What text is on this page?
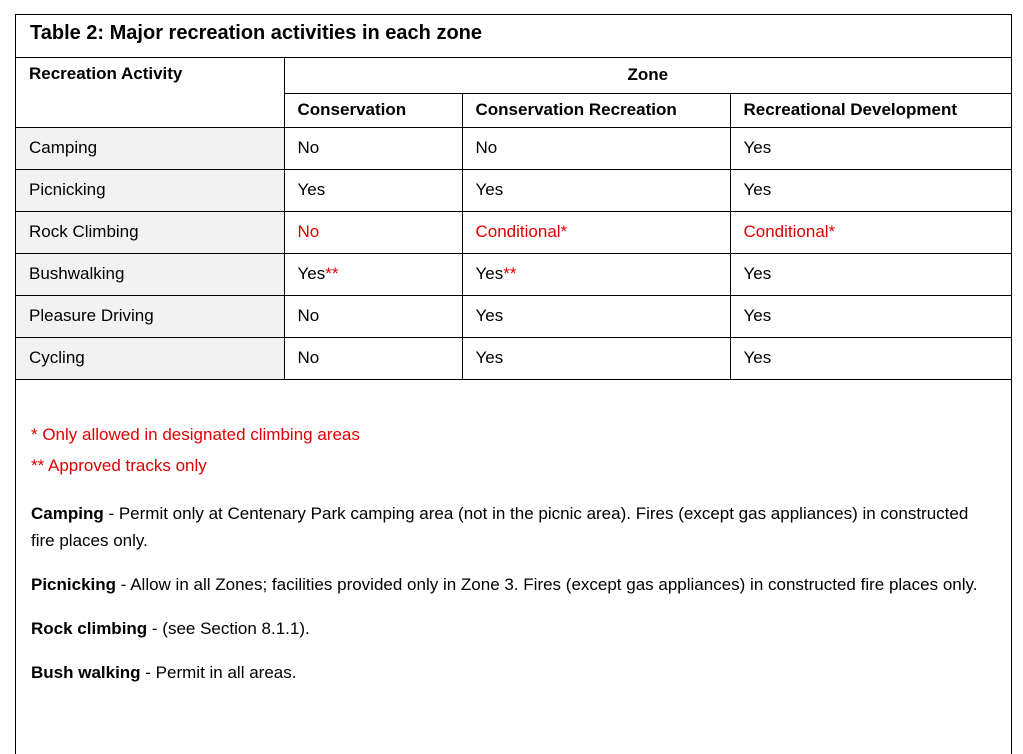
Table 2: Major recreation activities in each zone
Recreation Activity	Zone		
	Conservation	Conservation Recreation	Recreational Development
Camping	No	No	Yes
Picnicking	Yes	Yes	Yes
Rock Climbing	No	Conditional*	Conditional*
Bushwalking	Yes**	Yes**	Yes
Pleasure Driving	No	Yes	Yes
Cycling	No	Yes	Yes
* Only allowed in designated climbing areas
** Approved tracks only
Camping - Permit only at Centenary Park camping area (not in the picnic area). Fires (except gas appliances) in constructed fire places only.
Picnicking - Allow in all Zones; facilities provided only in Zone 3. Fires (except gas appliances) in constructed fire places only.
Rock climbing - (see Section 8.1.1).
Bush walking - Permit in all areas.
